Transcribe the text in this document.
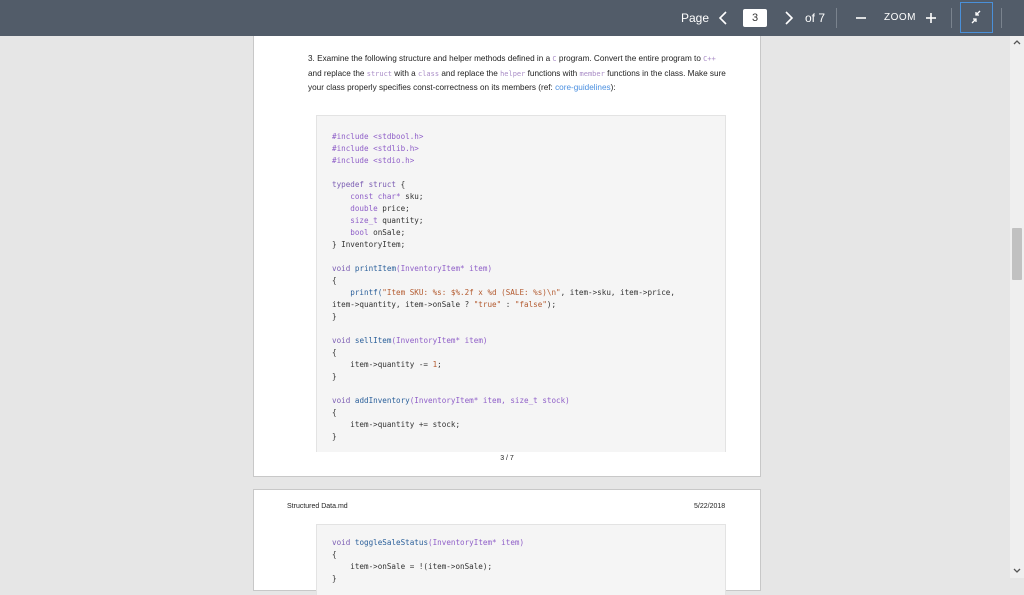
Page	3	of 7	ZOOM

3. Examine the following structure and helper methods defined in a C program. Convert the entire program to C++ and replace the struct with a class and replace the helper functions with member functions in the class. Make sure your class properly specifies const-correctness on its members (ref: core-guidelines):

#include <stdbool.h>

#include <stdlib.h>

#include <stdio.h>

typedef struct {

const char* sku;

double price;

size_t quantity;

bool onSale;

} InventoryItem;

void printItem(InventoryItem* item)

{

printf("Item SKU: %s: $%.2f x %d (SALE: %s)\n", item->sku, item->price,

item->quantity, item->onSale ? "true" : "false");

}

void sellItem(InventoryItem* item)

{

item->quantity -= 1;

}

void addInventory(InventoryItem* item, size_t stock)

{

item->quantity += stock;

}

3 / 7
Structured Data.md	5/22/2018

void toggleSaleStatus(InventoryItem* item)

{

item->onSale = !(item->onSale);

}
